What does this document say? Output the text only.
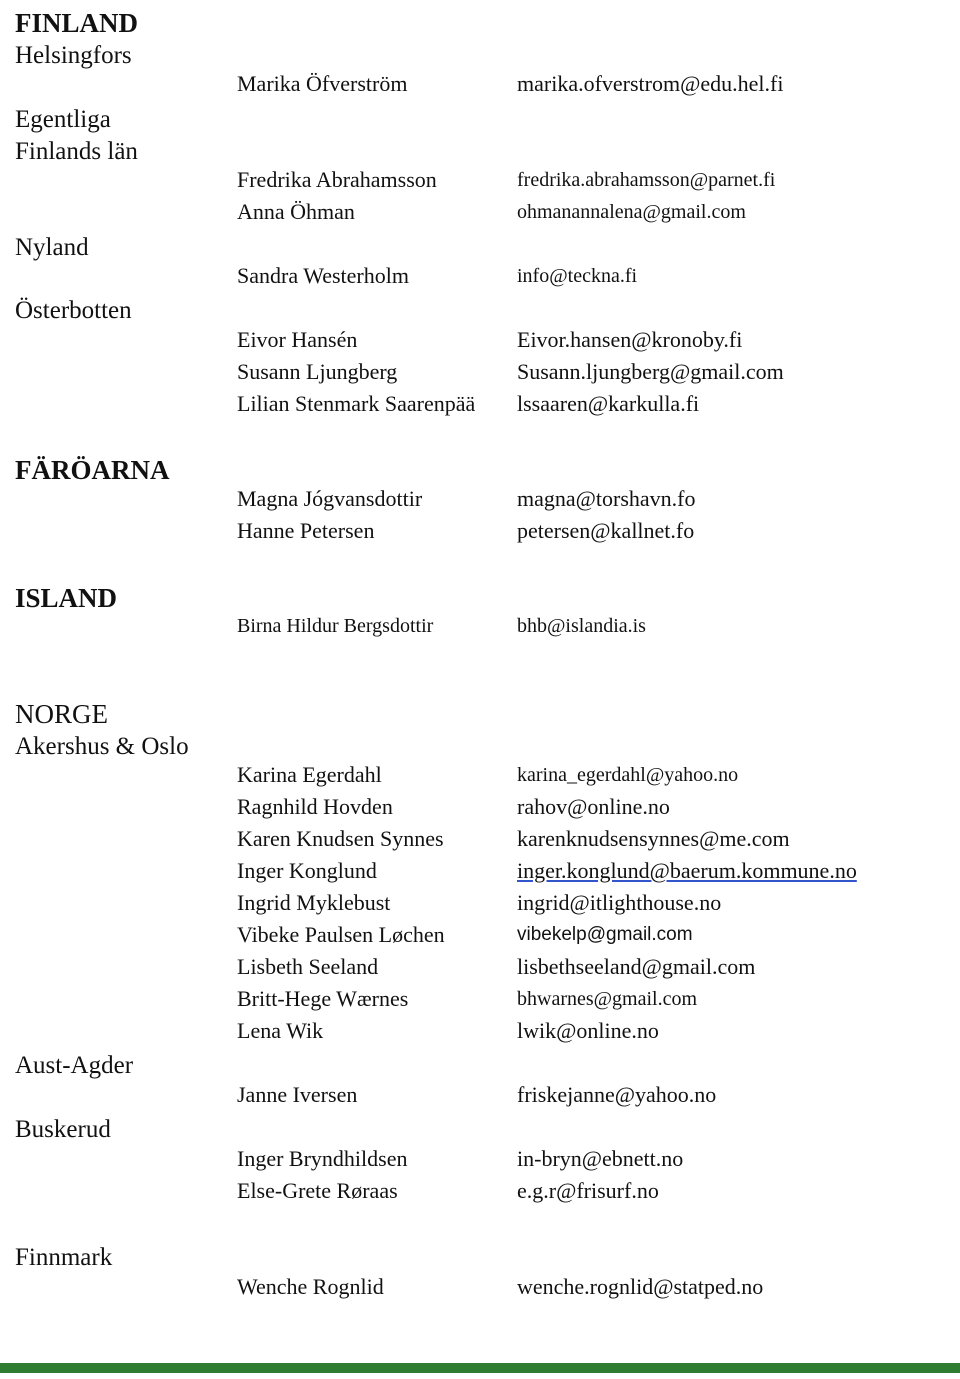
FINLAND
Helsingfors
Egentliga
Finlands län
Nyland
Österbotten
Marika Öfverström	marika.ofverstrom@edu.hel.fi
Fredrika Abrahamsson	fredrika.abrahamsson@parnet.fi
Anna Öhman	ohmanannalena@gmail.com
Sandra Westerholm	info@teckna.fi
Eivor Hansén	Eivor.hansen@kronoby.fi
Susann Ljungberg	Susann.ljungberg@gmail.com
Lilian Stenmark Saarenpää lssaaren@karkulla.fi
FÄRÖARNA
Magna Jógvansdottir	magna@torshavn.fo
Hanne Petersen	petersen@kallnet.fo
ISLAND
Birna Hildur Bergsdottir	bhb@islandia.is
NORGE
Akershus & Oslo
Karina Egerdahl	karina_egerdahl@yahoo.no
Ragnhild Hovden	rahov@online.no
Karen Knudsen Synnes	karenknudsensynnes@me.com
Inger Konglund	inger.konglund@baerum.kommune.no
Ingrid Myklebust	ingrid@itlighthouse.no
Vibeke Paulsen Løchen	vibekelp@gmail.com
Lisbeth Seeland	lisbethseeland@gmail.com
Britt-Hege Wærnes	bhwarnes@gmail.com
Lena Wik	lwik@online.no
Aust-Agder
Janne Iversen	friskejanne@yahoo.no
Buskerud
Inger Bryndhildsen	in-bryn@ebnett.no
Else-Grete Røraas	e.g.r@frisurf.no
Finnmark
Wenche Rognlid	wenche.rognlid@statped.no
